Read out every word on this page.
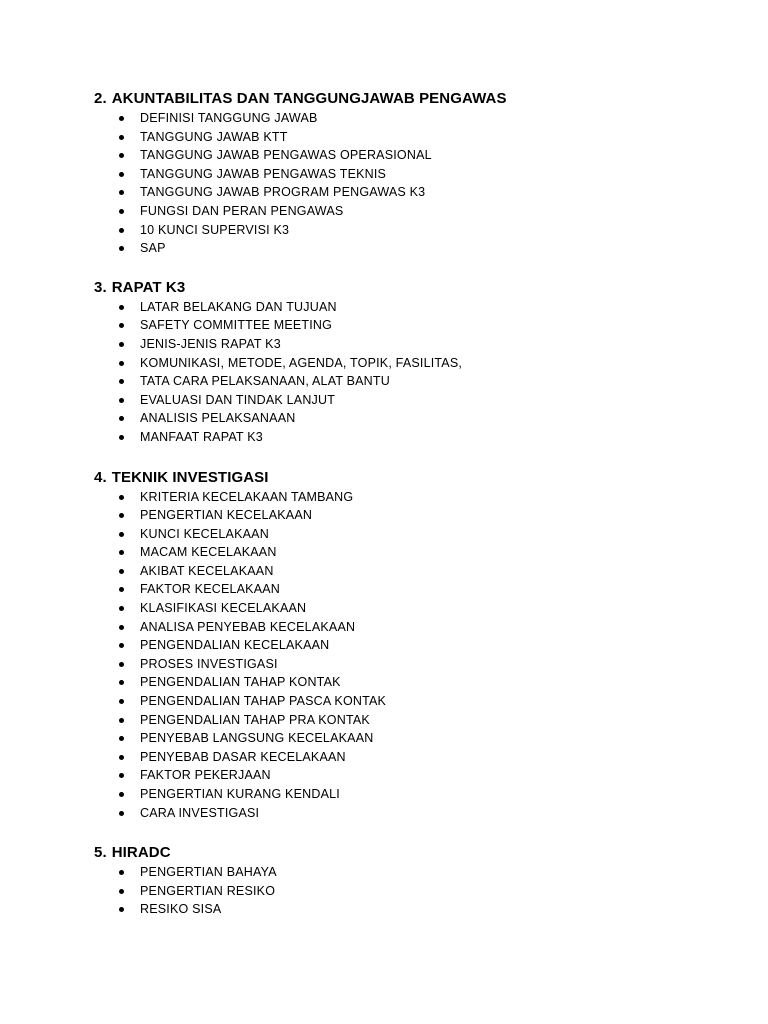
2. AKUNTABILITAS DAN TANGGUNGJAWAB PENGAWAS
DEFINISI TANGGUNG JAWAB
TANGGUNG JAWAB KTT
TANGGUNG JAWAB PENGAWAS OPERASIONAL
TANGGUNG JAWAB PENGAWAS TEKNIS
TANGGUNG JAWAB PROGRAM PENGAWAS K3
FUNGSI DAN PERAN PENGAWAS
10 KUNCI SUPERVISI K3
SAP
3. RAPAT K3
LATAR BELAKANG DAN TUJUAN
SAFETY COMMITTEE MEETING
JENIS-JENIS RAPAT K3
KOMUNIKASI, METODE, AGENDA, TOPIK, FASILITAS,
TATA CARA PELAKSANAAN, ALAT BANTU
EVALUASI DAN TINDAK LANJUT
ANALISIS PELAKSANAAN
MANFAAT RAPAT K3
4. TEKNIK INVESTIGASI
KRITERIA KECELAKAAN TAMBANG
PENGERTIAN KECELAKAAN
KUNCI KECELAKAAN
MACAM KECELAKAAN
AKIBAT KECELAKAAN
FAKTOR KECELAKAAN
KLASIFIKASI KECELAKAAN
ANALISA PENYEBAB KECELAKAAN
PENGENDALIAN KECELAKAAN
PROSES INVESTIGASI
PENGENDALIAN TAHAP KONTAK
PENGENDALIAN TAHAP PASCA KONTAK
PENGENDALIAN TAHAP PRA KONTAK
PENYEBAB LANGSUNG KECELAKAAN
PENYEBAB DASAR KECELAKAAN
FAKTOR PEKERJAAN
PENGERTIAN KURANG KENDALI
CARA INVESTIGASI
5. HIRADC
PENGERTIAN BAHAYA
PENGERTIAN RESIKO
RESIKO SISA
